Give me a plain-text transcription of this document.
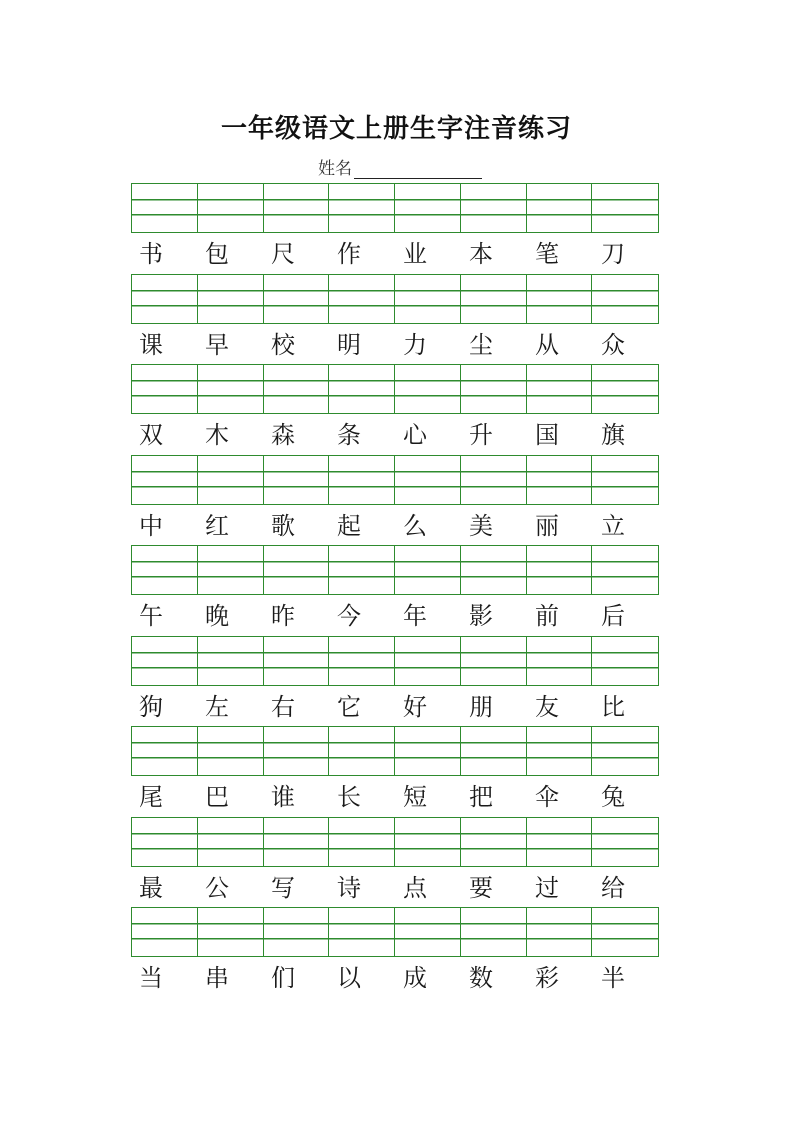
一年级语文上册生字注音练习
姓名
书	包	尺	作	业	本	笔	刀
课	早	校	明	力	尘	从	众
双	木	森	条	心	升	国	旗
中	红	歌	起	么	美	丽	立
午	晚	昨	今	年	影	前	后
狗	左	右	它	好	朋	友	比
尾	巴	谁	长	短	把	伞	兔
最	公	写	诗	点	要	过	给
当	串	们	以	成	数	彩	半
